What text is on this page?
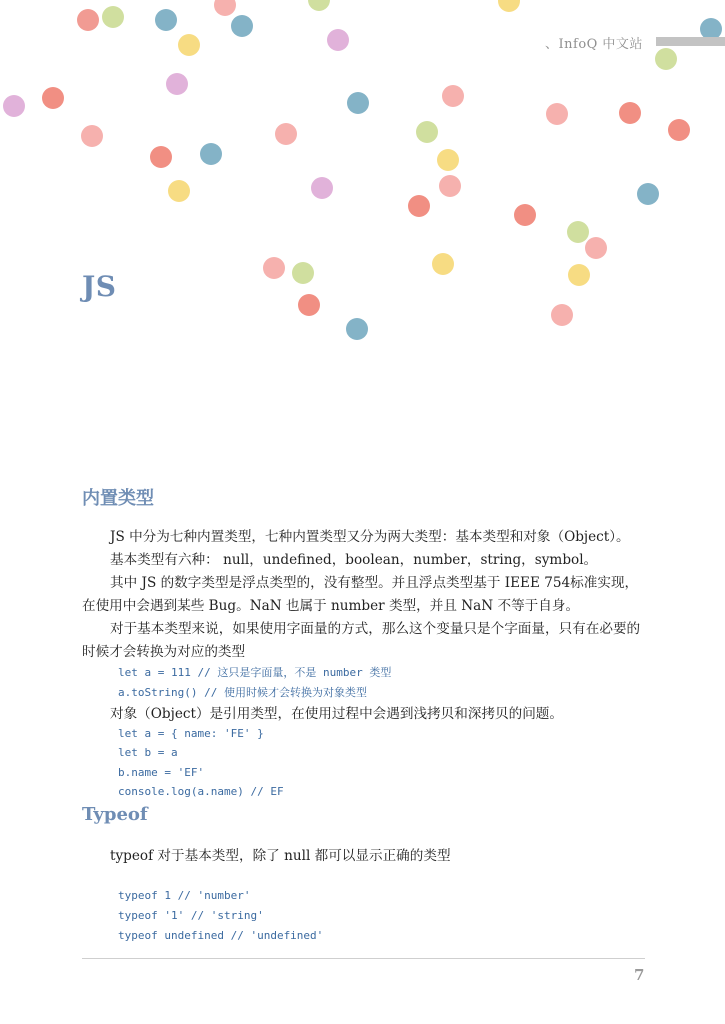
、InfoQ 中文站
JS
内置类型

JS 中分为七种内置类型，七种内置类型又分为两大类型：基本类型和对象（Object）。

基本类型有六种： null，undefined，boolean，number，string，symbol。

其中 JS 的数字类型是浮点类型的，没有整型。并且浮点类型基于 IEEE 754标准实现，在使用中会遇到某些 Bug。NaN 也属于 number 类型，并且 NaN 不等于自身。

对于基本类型来说，如果使用字面量的方式，那么这个变量只是个字面量，只有在必要的时候才会转换为对应的类型

let a = 111 // 这只是字面量，不是 number 类型
a.toString() // 使用时候才会转换为对象类型

对象（Object）是引用类型，在使用过程中会遇到浅拷贝和深拷贝的问题。

let a = { name: 'FE' }
let b = a
b.name = 'EF'
console.log(a.name) // EF
Typeof

typeof 对于基本类型，除了 null 都可以显示正确的类型

typeof 1 // 'number'
typeof '1' // 'string'
typeof undefined // 'undefined'
7
